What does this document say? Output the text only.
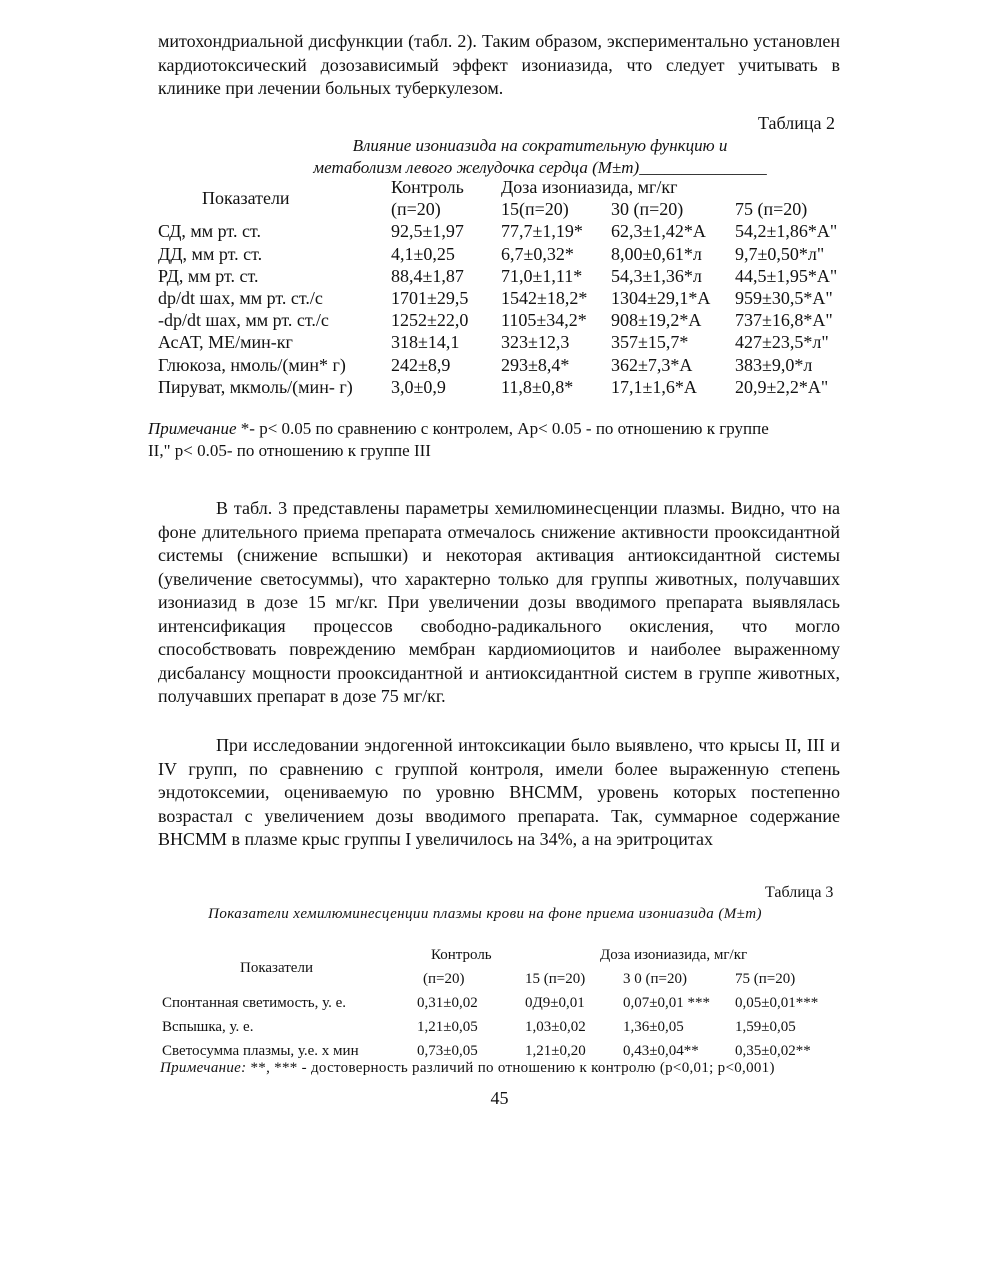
митохондриальной дисфункции (табл. 2). Таким образом, экспериментально установлен кардиотоксический дозозависимый эффект изониазида, что следует учитывать в клинике при лечении больных туберкулезом.

Таблица 2

Влияние изониазида на сократительную функцию и
метаболизм левого желудочка сердца (М±т)_______________

Показатели	Контроль	Доза изониазида, мг/кг		
	(п=20)	15(п=20)	30 (п=20)	75 (п=20)
СД, мм рт. ст.	92,5±1,97	77,7±1,19*	62,3±1,42*А	54,2±1,86*А"
ДД, мм рт. ст.	4,1±0,25	6,7±0,32*	8,00±0,61*л	9,7±0,50*л"
РД, мм рт. ст.	88,4±1,87	71,0±1,11*	54,3±1,36*л	44,5±1,95*А"
dp/dt шах, мм рт. ст./с	1701±29,5	1542±18,2*	1304±29,1*А	959±30,5*А"
-dp/dt шах, мм рт. ст./с	1252±22,0	1105±34,2*	908±19,2*А	737±16,8*А"
АсАТ, МЕ/мин-кг	318±14,1	323±12,3	357±15,7*	427±23,5*л"
Глюкоза, нмоль/(мин* г)	242±8,9	293±8,4*	362±7,3*А	383±9,0*л
Пируват, мкмоль/(мин- г)	3,0±0,9	11,8±0,8*	17,1±1,6*А	20,9±2,2*А"

Примечание *- р< 0.05 по сравнению с контролем, Ар< 0.05 - по отношению к группе
II," р< 0.05- по отношению к группе III

В табл. 3 представлены параметры хемилюминесценции плазмы. Видно, что на фоне длительного приема препарата отмечалось снижение активности прооксидантной системы (снижение вспышки) и некоторая активация антиоксидантной системы (увеличение светосуммы), что характерно только для группы животных, получавших изониазид в дозе 15 мг/кг. При увеличении дозы вводимого препарата выявлялась интенсификация процессов свободно-радикального окисления, что могло способствовать повреждению мембран кардиомиоцитов и наиболее выраженному дисбалансу мощности прооксидантной и антиоксидантной систем в группе животных, получавших препарат в дозе 75 мг/кг.

При исследовании эндогенной интоксикации было выявлено, что крысы II, III и IV групп, по сравнению с группой контроля, имели более выраженную степень эндотоксемии, оцениваемую по уровню ВНСММ, уровень которых постепенно возрастал с увеличением дозы вводимого препарата. Так, суммарное содержание ВНСММ в плазме крыс группы I увеличилось на 34%, а на эритроцитах

Таблица 3

Показатели хемилюминесценции плазмы крови на фоне приема изониазида (М±т)

Показатели	Контроль	Доза изониазида, мг/кг		
	(п=20)	15 (п=20)	3 0 (п=20)	75 (п=20)
Спонтанная светимость, у. е.	0,31±0,02	0Д9±0,01	0,07±0,01 ***	0,05±0,01***
Вспышка, у. е.	1,21±0,05	1,03±0,02	1,36±0,05	1,59±0,05
Светосумма плазмы, у.е. х мин	0,73±0,05	1,21±0,20	0,43±0,04**	0,35±0,02**

Примечание: **, *** - достоверность различий по отношению к контролю (р<0,01; р<0,001)

45
